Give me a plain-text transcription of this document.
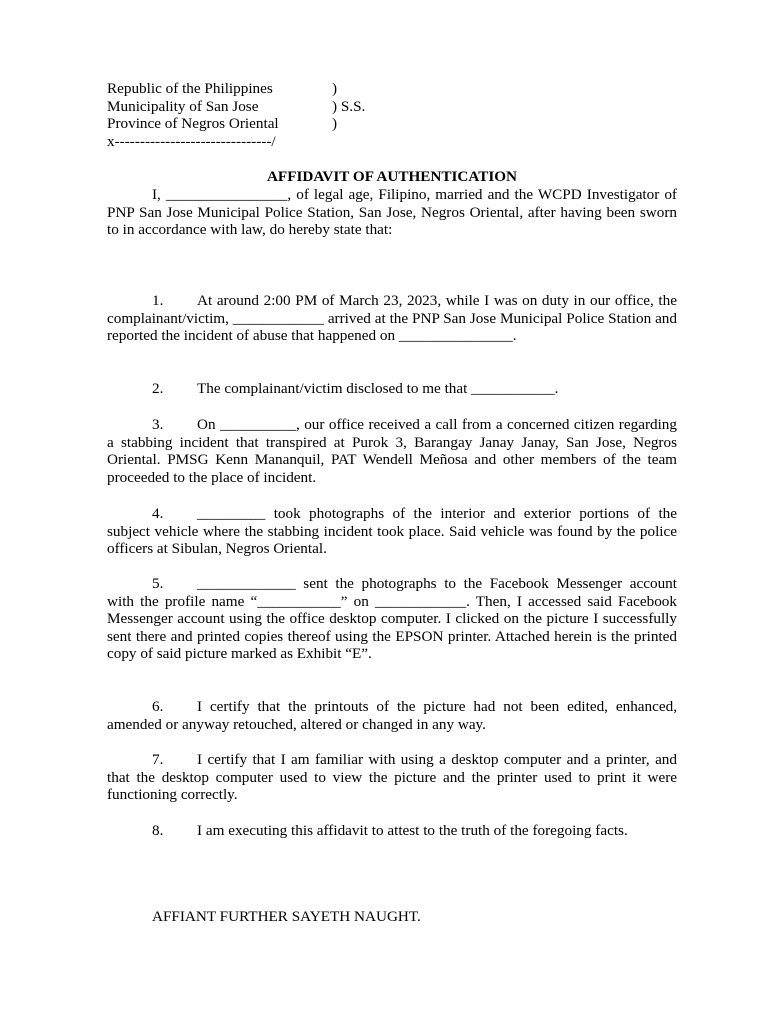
Republic of the Philippines	)
Municipality of San Jose	) S.S.
Province of Negros Oriental	)
x-------------------------------/
AFFIDAVIT OF AUTHENTICATION

I, ________________, of legal age, Filipino, married and the WCPD Investigator of PNP San Jose Municipal Police Station, San Jose, Negros Oriental, after having been sworn to in accordance with law, do hereby state that:

1. At around 2:00 PM of March 23, 2023, while I was on duty in our office, the complainant/victim, ____________ arrived at the PNP San Jose Municipal Police Station and reported the incident of abuse that happened on _______________.

2. The complainant/victim disclosed to me that ___________.

3. On __________, our office received a call from a concerned citizen regarding a stabbing incident that transpired at Purok 3, Barangay Janay Janay, San Jose, Negros Oriental. PMSG Kenn Mananquil, PAT Wendell Meñosa and other members of the team proceeded to the place of incident.

4. _________ took photographs of the interior and exterior portions of the subject vehicle where the stabbing incident took place. Said vehicle was found by the police officers at Sibulan, Negros Oriental.

5. _____________ sent the photographs to the Facebook Messenger account with the profile name “___________” on ____________. Then, I accessed said Facebook Messenger account using the office desktop computer. I clicked on the picture I successfully sent there and printed copies thereof using the EPSON printer. Attached herein is the printed copy of said picture marked as Exhibit “E”.

6. I certify that the printouts of the picture had not been edited, enhanced, amended or anyway retouched, altered or changed in any way.

7. I certify that I am familiar with using a desktop computer and a printer, and that the desktop computer used to view the picture and the printer used to print it were functioning correctly.

8. I am executing this affidavit to attest to the truth of the foregoing facts.

AFFIANT FURTHER SAYETH NAUGHT.
